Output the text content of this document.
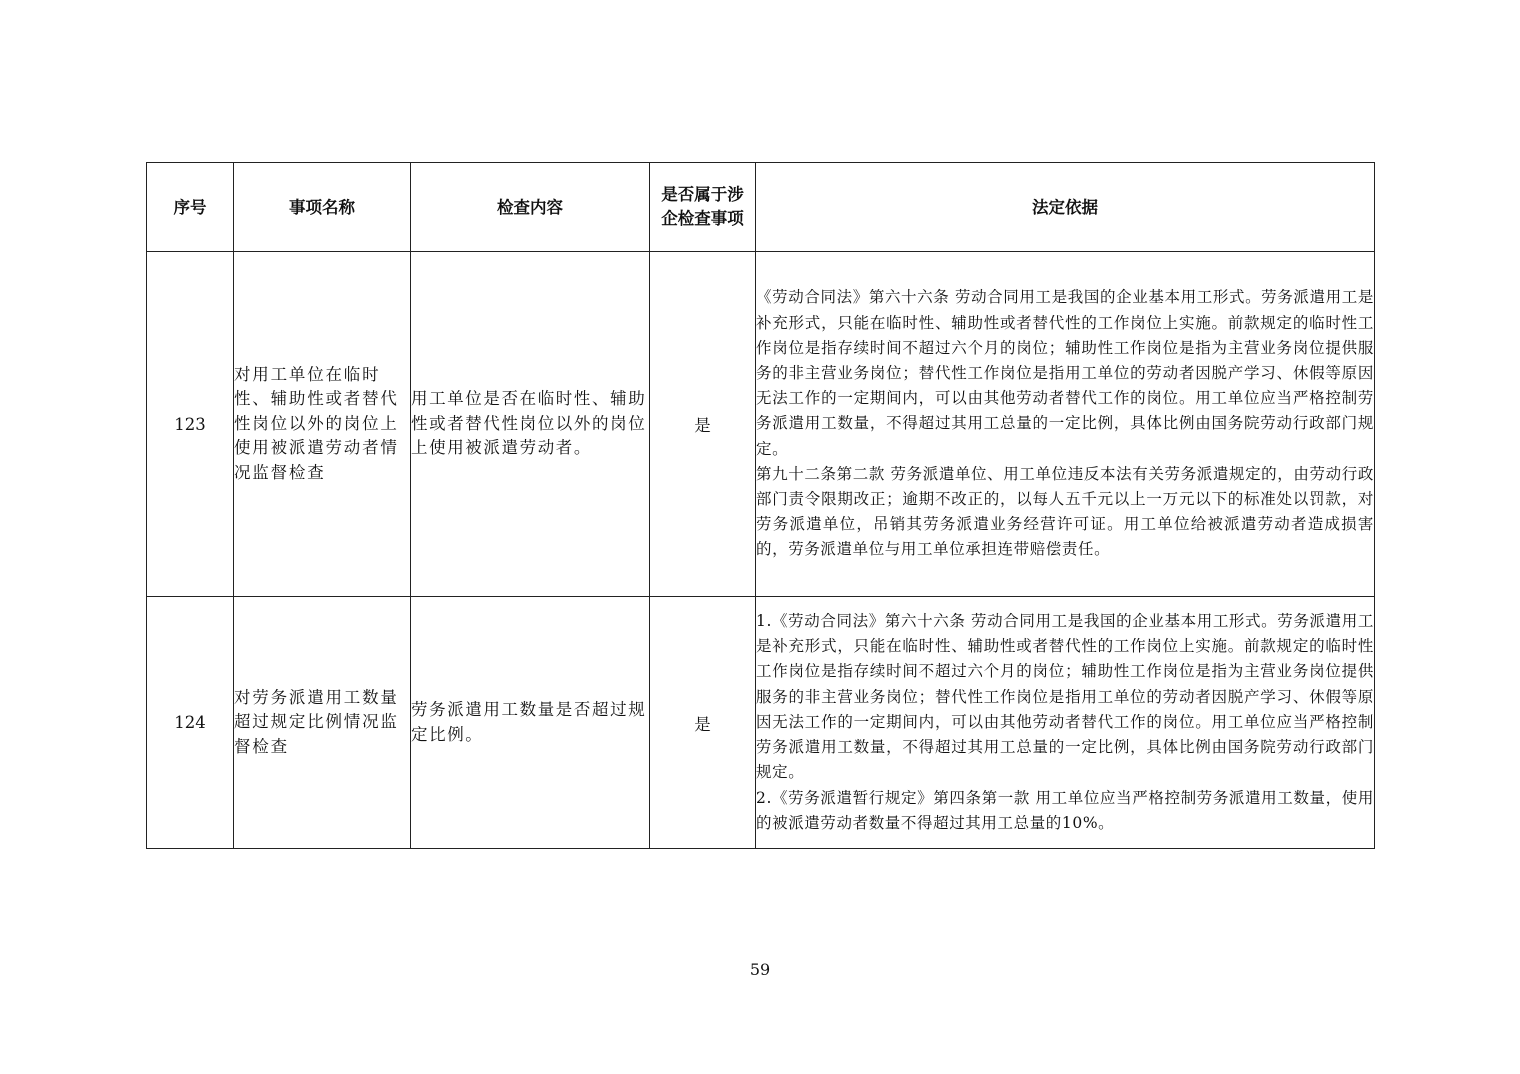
序号	事项名称	检查内容	是否属于涉企检查事项	法定依据
123	对用工单位在临时性、辅助性或者替代性岗位以外的岗位上使用被派遣劳动者情况监督检查	用工单位是否在临时性、辅助性或者替代性岗位以外的岗位上使用被派遣劳动者。	是	《劳动合同法》第六十六条 劳动合同用工是我国的企业基本用工形式。劳务派遣用工是补充形式，只能在临时性、辅助性或者替代性的工作岗位上实施。前款规定的临时性工作岗位是指存续时间不超过六个月的岗位；辅助性工作岗位是指为主营业务岗位提供服务的非主营业务岗位；替代性工作岗位是指用工单位的劳动者因脱产学习、休假等原因无法工作的一定期间内，可以由其他劳动者替代工作的岗位。用工单位应当严格控制劳务派遣用工数量，不得超过其用工总量的一定比例，具体比例由国务院劳动行政部门规定。
第九十二条第二款 劳务派遣单位、用工单位违反本法有关劳务派遣规定的，由劳动行政部门责令限期改正；逾期不改正的，以每人五千元以上一万元以下的标准处以罚款，对劳务派遣单位，吊销其劳务派遣业务经营许可证。用工单位给被派遣劳动者造成损害的，劳务派遣单位与用工单位承担连带赔偿责任。

124	对劳务派遣用工数量超过规定比例情况监督检查	劳务派遣用工数量是否超过规定比例。	是	1.《劳动合同法》第六十六条 劳动合同用工是我国的企业基本用工形式。劳务派遣用工是补充形式，只能在临时性、辅助性或者替代性的工作岗位上实施。前款规定的临时性工作岗位是指存续时间不超过六个月的岗位；辅助性工作岗位是指为主营业务岗位提供服务的非主营业务岗位；替代性工作岗位是指用工单位的劳动者因脱产学习、休假等原因无法工作的一定期间内，可以由其他劳动者替代工作的岗位。用工单位应当严格控制劳务派遣用工数量，不得超过其用工总量的一定比例，具体比例由国务院劳动行政部门规定。
2.《劳务派遣暂行规定》第四条第一款 用工单位应当严格控制劳务派遣用工数量，使用的被派遣劳动者数量不得超过其用工总量的10%。
59
